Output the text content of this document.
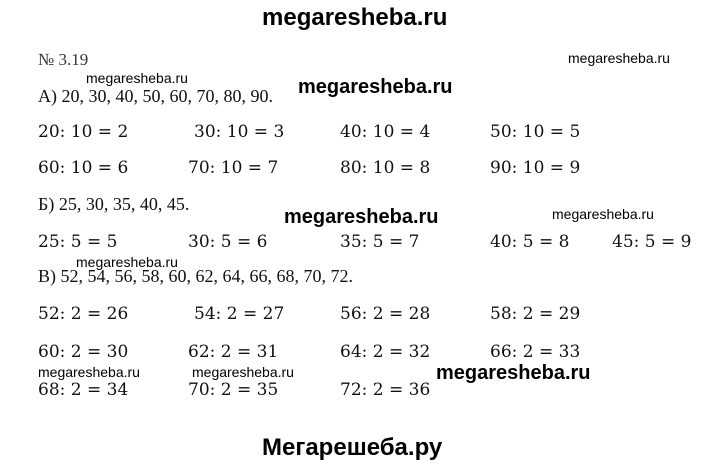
megaresheba.ru
№ 3.19	megaresheba.ru
megaresheba.ru	megaresheba.ru
А) 20, 30, 40, 50, 60, 70, 80, 90.
20: 10 = 2	30: 10 = 3	40: 10 = 4	50: 10 = 5
60: 10 = 6	70: 10 = 7	80: 10 = 8	90: 10 = 9
Б) 25, 30, 35, 40, 45.
megaresheba.ru	megaresheba.ru
25: 5 = 5	30: 5 = 6	35: 5 = 7	40: 5 = 8	45: 5 = 9
megaresheba.ru
В) 52, 54, 56, 58, 60, 62, 64, 66, 68, 70, 72.
52: 2 = 26	54: 2 = 27	56: 2 = 28	58: 2 = 29
60: 2 = 30	62: 2 = 31	64: 2 = 32	66: 2 = 33
megaresheba.ru	megaresheba.ru	megaresheba.ru
68: 2 = 34	70: 2 = 35	72: 2 = 36
Мегарешеба.ру
